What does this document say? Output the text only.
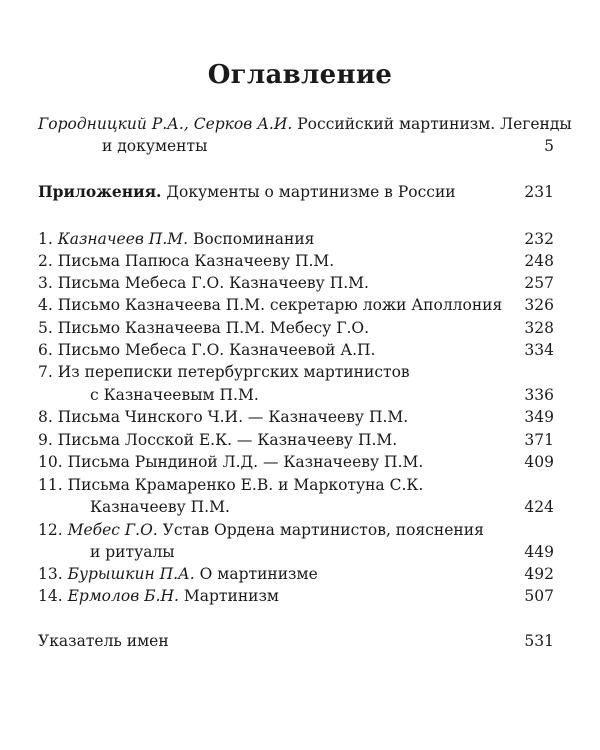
Оглавление
Городницкий Р.А., Серков А.И. Российский мартинизм. Легенды
и документы	5
Приложения. Документы о мартинизме в России	231
1. Казначеев П.М. Воспоминания	232
2. Письма Папюса Казначееву П.М.	248
3. Письма Мебеса Г.О. Казначееву П.М.	257
4. Письмо Казначеева П.М. секретарю ложи Аполлония	326
5. Письмо Казначеева П.М. Мебесу Г.О.	328
6. Письмо Мебеса Г.О. Казначеевой А.П.	334
7. Из переписки петербургских мартинистов
с Казначеевым П.М.	336
8. Письма Чинского Ч.И. — Казначееву П.М.	349
9. Письма Лосской Е.К. — Казначееву П.М.	371
10. Письма Рындиной Л.Д. — Казначееву П.М.	409
11. Письма Крамаренко Е.В. и Маркотуна С.К.
Казначееву П.М.	424
12. Мебес Г.О. Устав Ордена мартинистов, пояснения
и ритуалы	449
13. Бурышкин П.А. О мартинизме	492
14. Ермолов Б.Н. Мартинизм	507
Указатель имен	531
